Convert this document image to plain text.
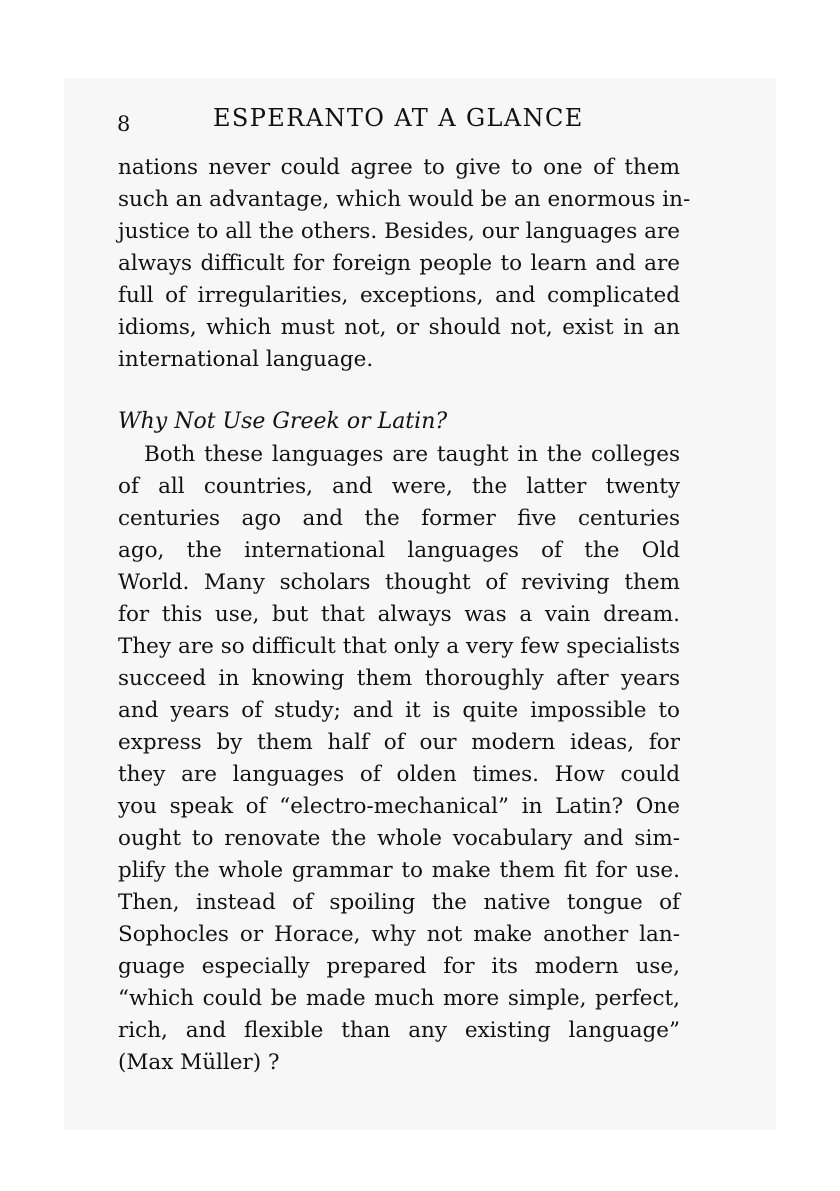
8	ESPERANTO AT A GLANCE
nations never could agree to give to one of them
such an advantage, which would be an enormous in-
justice to all the others. Besides, our languages are
always difficult for foreign people to learn and are
full of irregularities, exceptions, and complicated
idioms, which must not, or should not, exist in an
international language.
Why Not Use Greek or Latin?
Both these languages are taught in the colleges
of all countries, and were, the latter twenty
centuries ago and the former five centuries
ago, the international languages of the Old
World. Many scholars thought of reviving them
for this use, but that always was a vain dream.
They are so difficult that only a very few specialists
succeed in knowing them thoroughly after years
and years of study; and it is quite impossible to
express by them half of our modern ideas, for
they are languages of olden times. How could
you speak of “electro-mechanical” in Latin? One
ought to renovate the whole vocabulary and sim-
plify the whole grammar to make them fit for use.
Then, instead of spoiling the native tongue of
Sophocles or Horace, why not make another lan-
guage especially prepared for its modern use,
“which could be made much more simple, perfect,
rich, and flexible than any existing language”
(Max Müller) ?
